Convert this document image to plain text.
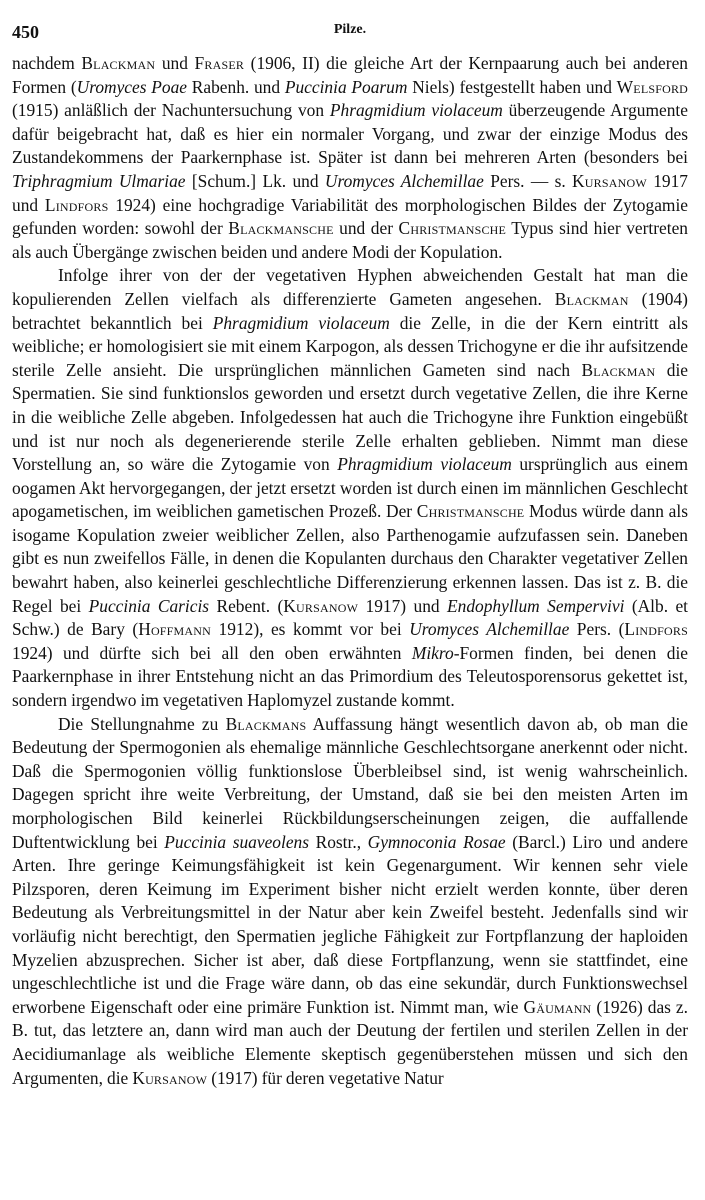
450	Pilze.

nachdem Blackman und Fraser (1906, II) die gleiche Art der Kernpaarung auch bei anderen Formen (Uromyces Poae Rabenh. und Puccinia Poarum Niels) festgestellt haben und Welsford (1915) anläßlich der Nachuntersuchung von Phragmidium violaceum überzeugende Argumente dafür beigebracht hat, daß es hier ein normaler Vorgang, und zwar der einzige Modus des Zustandekommens der Paarkernphase ist. Später ist dann bei mehreren Arten (besonders bei Triphragmium Ulmariae [Schum.] Lk. und Uromyces Alchemillae Pers. — s. Kursanow 1917 und Lindfors 1924) eine hochgradige Variabilität des morphologischen Bildes der Zytogamie gefunden worden: sowohl der Blackmansche und der Christmansche Typus sind hier vertreten als auch Übergänge zwischen beiden und andere Modi der Kopulation.

Infolge ihrer von der der vegetativen Hyphen abweichenden Gestalt hat man die kopulierenden Zellen vielfach als differenzierte Gameten angesehen. Blackman (1904) betrachtet bekanntlich bei Phragmidium violaceum die Zelle, in die der Kern eintritt als weibliche; er homologisiert sie mit einem Karpogon, als dessen Trichogyne er die ihr aufsitzende sterile Zelle ansieht. Die ursprünglichen männlichen Gameten sind nach Blackman die Spermatien. Sie sind funktionslos geworden und ersetzt durch vegetative Zellen, die ihre Kerne in die weibliche Zelle abgeben. Infolgedessen hat auch die Trichogyne ihre Funktion eingebüßt und ist nur noch als degenerierende sterile Zelle erhalten geblieben. Nimmt man diese Vorstellung an, so wäre die Zytogamie von Phragmidium violaceum ursprünglich aus einem oogamen Akt hervorgegangen, der jetzt ersetzt worden ist durch einen im männlichen Geschlecht apogametischen, im weiblichen gametischen Prozeß. Der Christmansche Modus würde dann als isogame Kopulation zweier weiblicher Zellen, also Parthenogamie aufzufassen sein. Daneben gibt es nun zweifellos Fälle, in denen die Kopulanten durchaus den Charakter vegetativer Zellen bewahrt haben, also keinerlei geschlechtliche Differenzierung erkennen lassen. Das ist z. B. die Regel bei Puccinia Caricis Rebent. (Kursanow 1917) und Endophyllum Sempervivi (Alb. et Schw.) de Bary (Hoffmann 1912), es kommt vor bei Uromyces Alchemillae Pers. (Lindfors 1924) und dürfte sich bei all den oben erwähnten Mikro-Formen finden, bei denen die Paarkernphase in ihrer Entstehung nicht an das Primordium des Teleutosporensorus gekettet ist, sondern irgendwo im vegetativen Haplomyzel zustande kommt.

Die Stellungnahme zu Blackmans Auffassung hängt wesentlich davon ab, ob man die Bedeutung der Spermogonien als ehemalige männliche Geschlechtsorgane anerkennt oder nicht. Daß die Spermogonien völlig funktionslose Überbleibsel sind, ist wenig wahrscheinlich. Dagegen spricht ihre weite Verbreitung, der Umstand, daß sie bei den meisten Arten im morphologischen Bild keinerlei Rückbildungserscheinungen zeigen, die auffallende Duftentwicklung bei Puccinia suaveolens Rostr., Gymnoconia Rosae (Barcl.) Liro und andere Arten. Ihre geringe Keimungsfähigkeit ist kein Gegenargument. Wir kennen sehr viele Pilzsporen, deren Keimung im Experiment bisher nicht erzielt werden konnte, über deren Bedeutung als Verbreitungsmittel in der Natur aber kein Zweifel besteht. Jedenfalls sind wir vorläufig nicht berechtigt, den Spermatien jegliche Fähigkeit zur Fortpflanzung der haploiden Myzelien abzusprechen. Sicher ist aber, daß diese Fortpflanzung, wenn sie stattfindet, eine ungeschlechtliche ist und die Frage wäre dann, ob das eine sekundär, durch Funktionswechsel erworbene Eigenschaft oder eine primäre Funktion ist. Nimmt man, wie Gäumann (1926) das z. B. tut, das letztere an, dann wird man auch der Deutung der fertilen und sterilen Zellen in der Aecidiumanlage als weibliche Elemente skeptisch gegenüberstehen müssen und sich den Argumenten, die Kursanow (1917) für deren vegetative Natur
